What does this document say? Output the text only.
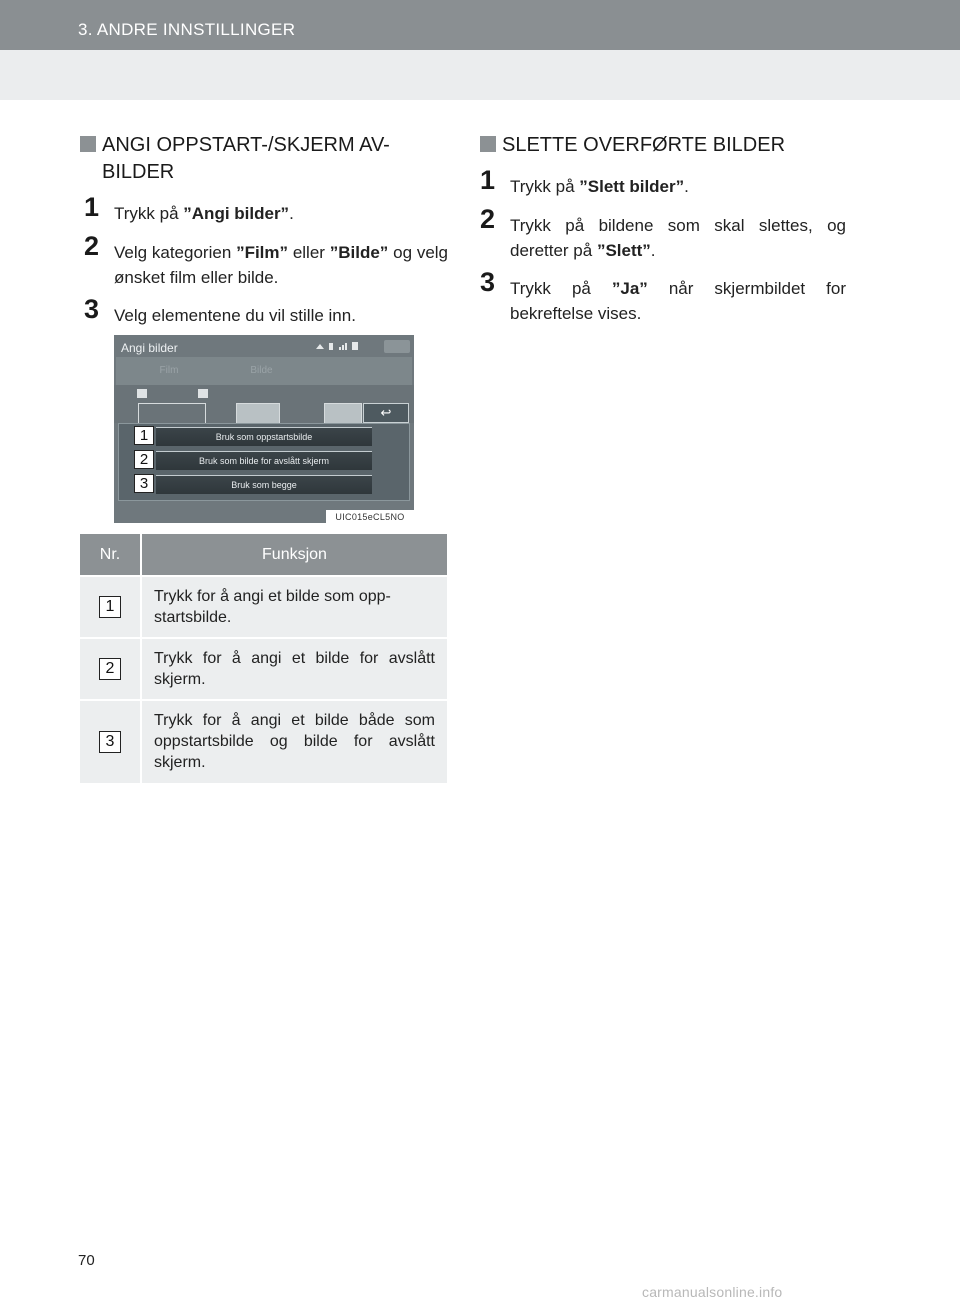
3. ANDRE INNSTILLINGER
ANGI OPPSTART-/SKJERM AV-
BILDER
1 Trykk på ”Angi bilder”.
2 Velg kategorien ”Film” eller ”Bilde” og velg ønsket film eller bilde.
3 Velg elementene du vil stille inn.
Angi bilder
Film	Bilde
↩
Bruk som oppstartsbilde
Bruk som bilde for avslått skjerm
Bruk som begge
1
2
3
UIC015eCL5NO
Nr.	Funksjon
1
Trykk for å angi et bilde som opp-
startsbilde.
2
Trykk for å angi et bilde for avslått skjerm.
3
Trykk for å angi et bilde både som oppstartsbilde og bilde for avslått skjerm.
SLETTE OVERFØRTE BILDER
1 Trykk på ”Slett bilder”.
2 Trykk på bildene som skal slettes, og deretter på ”Slett”.
3 Trykk på ”Ja” når skjermbildet for bekreftelse vises.
70
carmanualsonline.info
